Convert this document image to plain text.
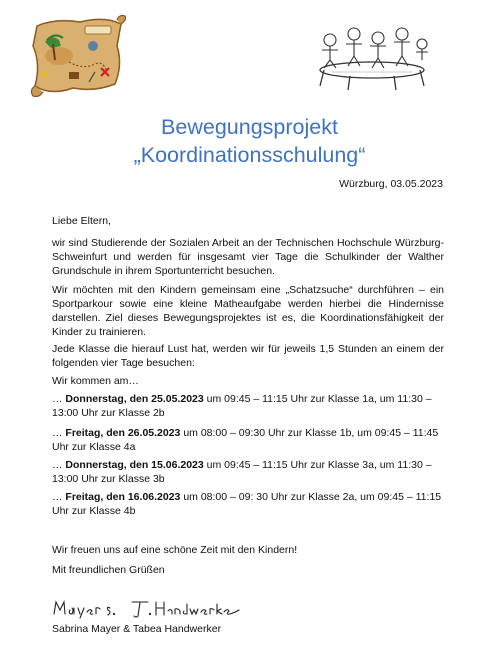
Bewegungsprojekt
„Koordinationsschulung“
Würzburg, 03.05.2023
Liebe Eltern,

wir sind Studierende der Sozialen Arbeit an der Technischen Hochschule Würzburg-Schweinfurt und werden für insgesamt vier Tage die Schulkinder der Walther Grundschule in ihrem Sportunterricht besuchen.

Wir möchten mit den Kindern gemeinsam eine „Schatzsuche“ durchführen – ein Sportparkour sowie eine kleine Matheaufgabe werden hierbei die Hindernisse darstellen. Ziel dieses Bewegungsprojektes ist es, die Koordinationsfähigkeit der Kinder zu trainieren.

Jede Klasse die hierauf Lust hat, werden wir für jeweils 1,5 Stunden an einem der folgenden vier Tage besuchen:

Wir kommen am…
… Donnerstag, den 25.05.2023 um 09:45 – 11:15 Uhr zur Klasse 1a, um 11:30 – 13:00 Uhr zur Klasse 2b
… Freitag, den 26.05.2023 um 08:00 – 09:30 Uhr zur Klasse 1b, um 09:45 – 11:45 Uhr zur Klasse 4a
… Donnerstag, den 15.06.2023 um 09:45 – 11:15 Uhr zur Klasse 3a, um 11:30 – 13:00 Uhr zur Klasse 3b
… Freitag, den 16.06.2023 um 08:00 – 09: 30 Uhr zur Klasse 2a, um 09:45 – 11:15 Uhr zur Klasse 4b
Wir freuen uns auf eine schöne Zeit mit den Kindern!
Mit freundlichen Grüßen
Sabrina Mayer & Tabea Handwerker
